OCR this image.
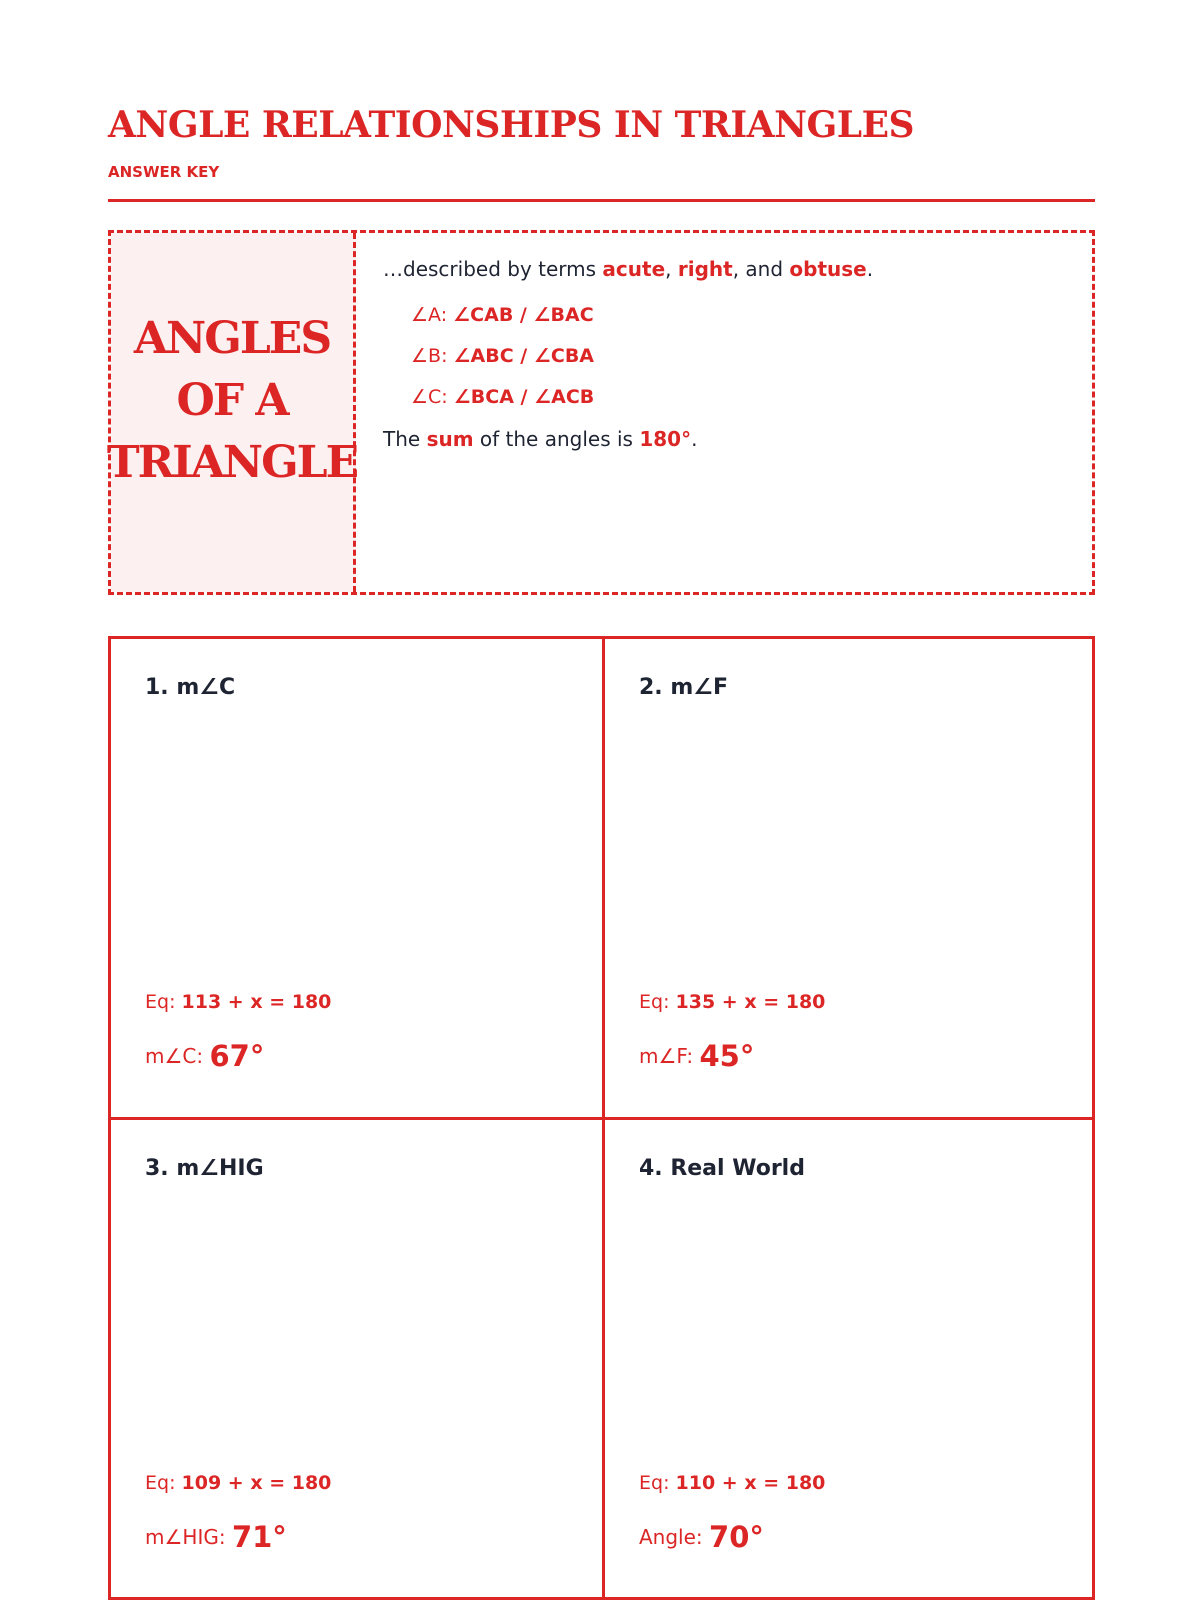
ANGLE RELATIONSHIPS IN TRIANGLES
ANSWER KEY
ANGLES
OF A
TRIANGLE
…described by terms acute, right, and obtuse.
∠A: ∠CAB / ∠BAC
∠B: ∠ABC / ∠CBA
∠C: ∠BCA / ∠ACB
The sum of the angles is 180°.
1. m∠C
Eq: 113 + x = 180
m∠C: 67°
2. m∠F
Eq: 135 + x = 180
m∠F: 45°
3. m∠HIG
Eq: 109 + x = 180
m∠HIG: 71°
4. Real World
Eq: 110 + x = 180
Angle: 70°
